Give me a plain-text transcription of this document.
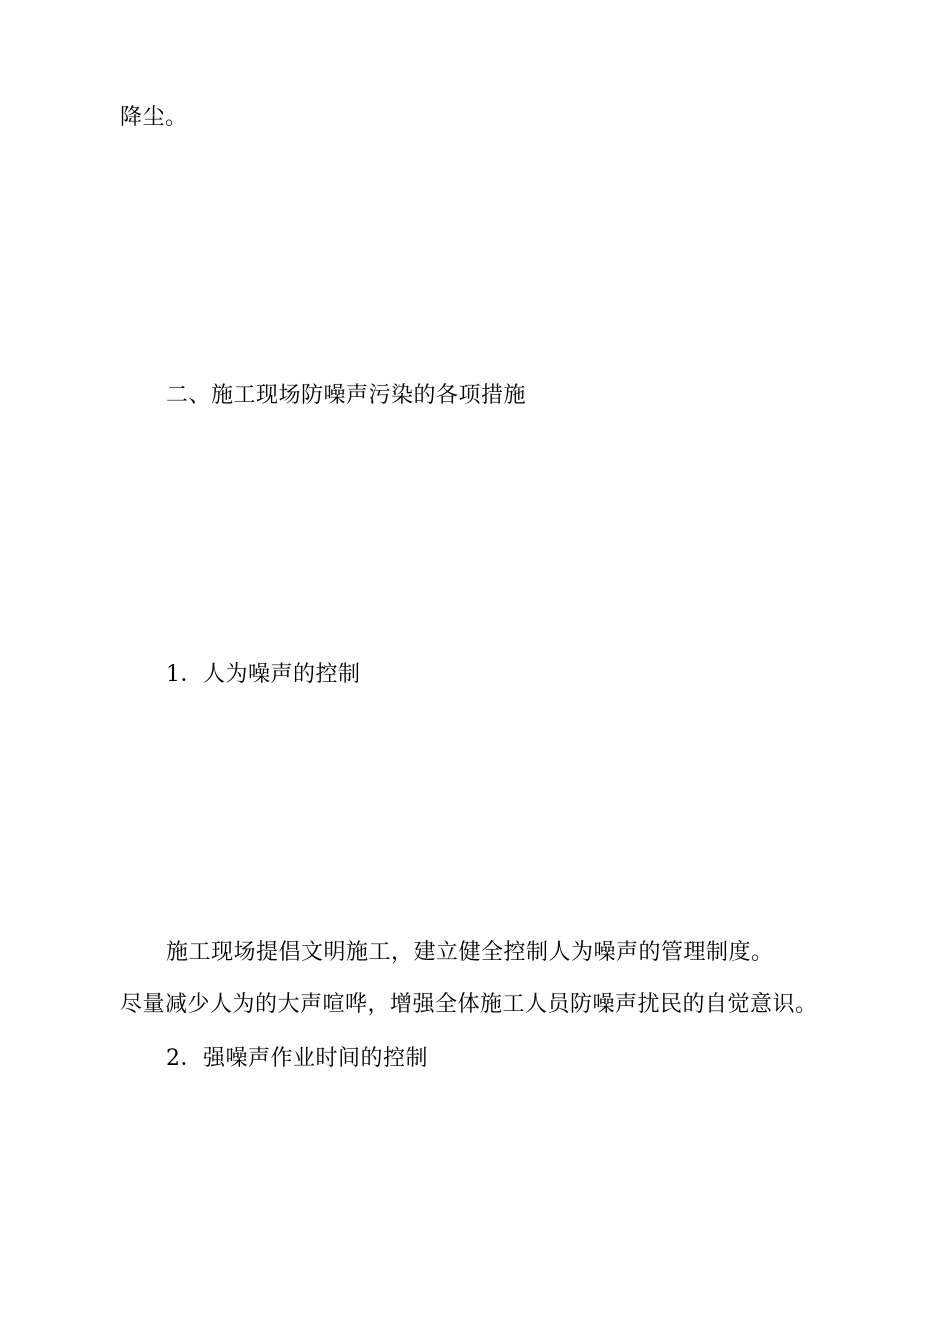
降尘。
二、施工现场防噪声污染的各项措施
1．人为噪声的控制
施工现场提倡文明施工，建立健全控制人为噪声的管理制度。
尽量减少人为的大声喧哗，增强全体施工人员防噪声扰民的自觉意识。
2．强噪声作业时间的控制
